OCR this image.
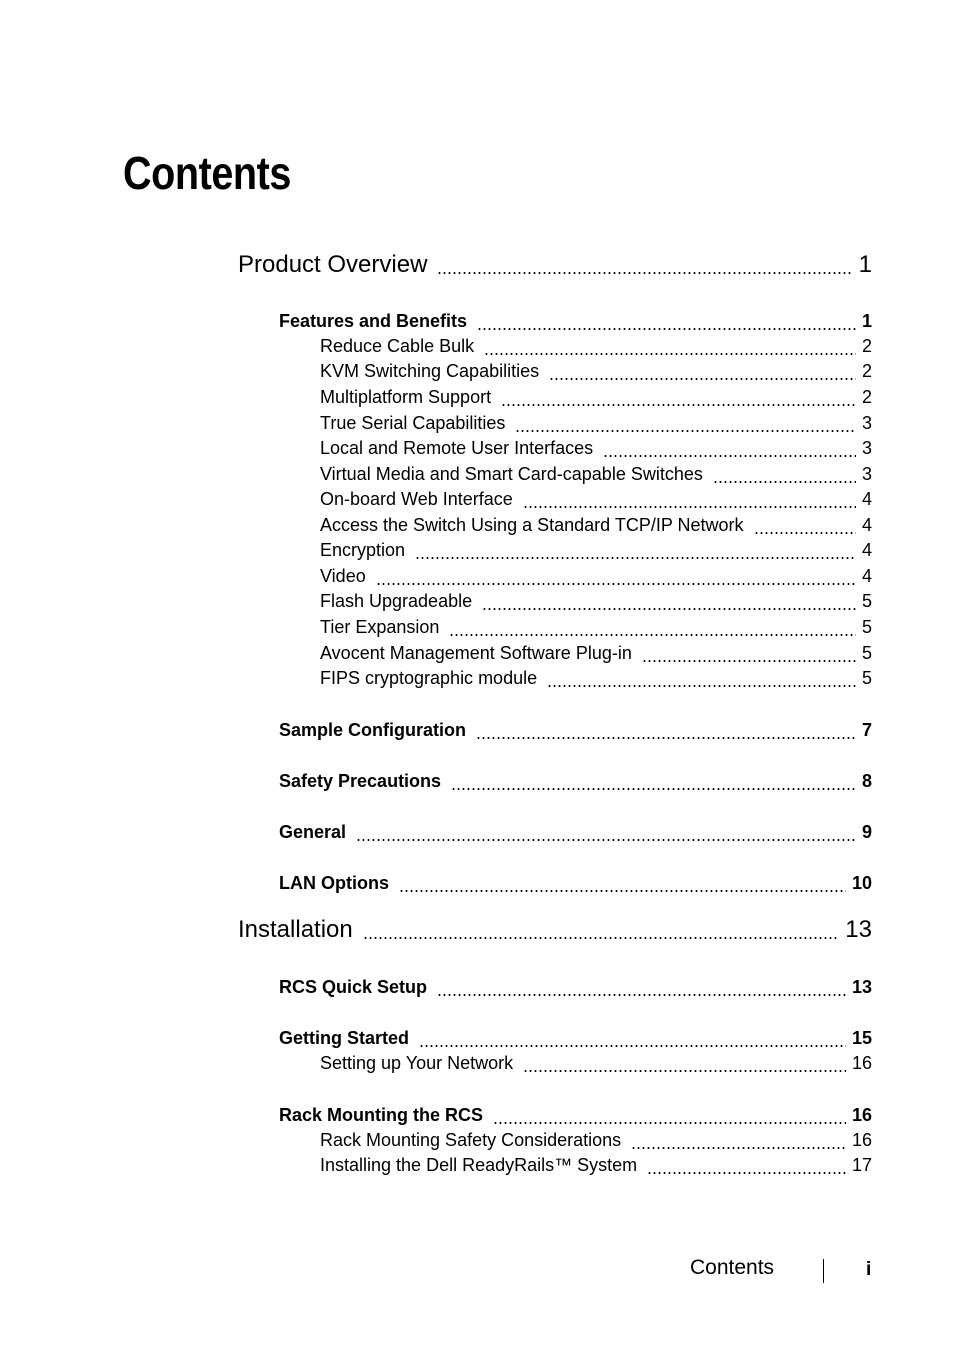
Contents
Product Overview	1
Features and Benefits	1
Reduce Cable Bulk	2
KVM Switching Capabilities	2
Multiplatform Support	2
True Serial Capabilities	3
Local and Remote User Interfaces	3
Virtual Media and Smart Card-capable Switches	3
On-board Web Interface	4
Access the Switch Using a Standard TCP/IP Network	4
Encryption	4
Video	4
Flash Upgradeable	5
Tier Expansion	5
Avocent Management Software Plug-in	5
FIPS cryptographic module	5
Sample Configuration	7
Safety Precautions	8
General	9
LAN Options	10
Installation	13
RCS Quick Setup	13
Getting Started	15
Setting up Your Network	16
Rack Mounting the RCS	16
Rack Mounting Safety Considerations	16
Installing the Dell ReadyRails™ System	17
Contents	i
